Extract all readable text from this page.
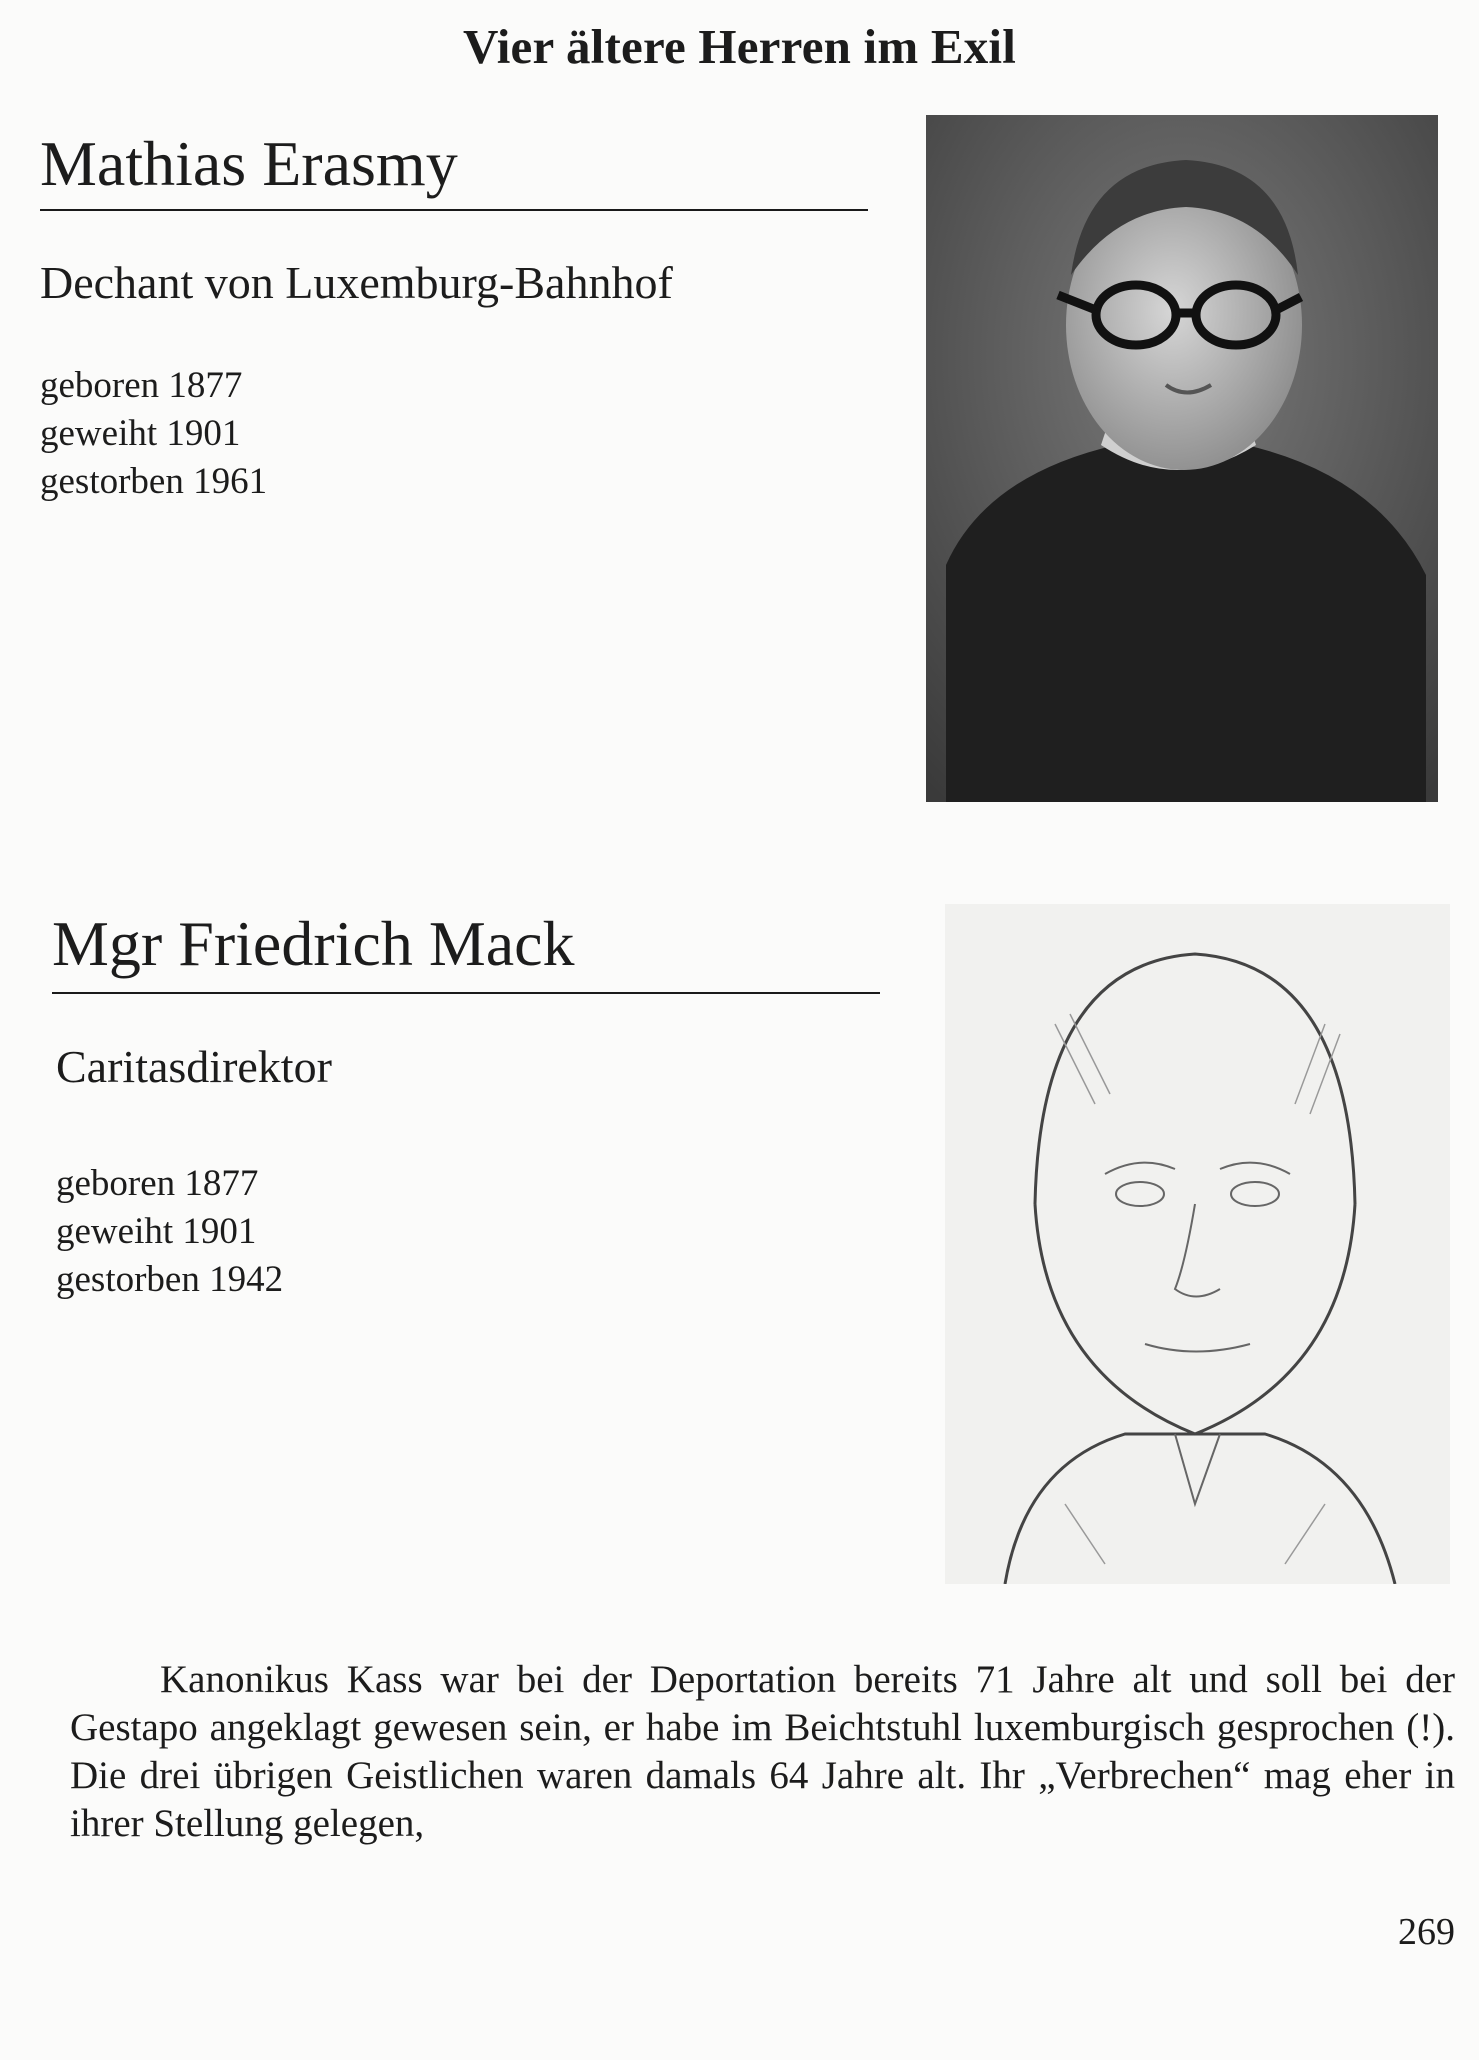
Vier ältere Herren im Exil
Mathias Erasmy
Dechant von Luxemburg-Bahnhof
geboren 1877
geweiht 1901
gestorben 1961
Mgr Friedrich Mack
Caritasdirektor
geboren 1877
geweiht 1901
gestorben 1942

Kanonikus Kass war bei der Deportation bereits 71 Jahre alt und soll bei der Gestapo angeklagt gewesen sein, er habe im Beichtstuhl luxemburgisch gesprochen (!). Die drei übrigen Geistlichen waren damals 64 Jahre alt. Ihr „Verbrechen“ mag eher in ihrer Stellung gelegen,

269
